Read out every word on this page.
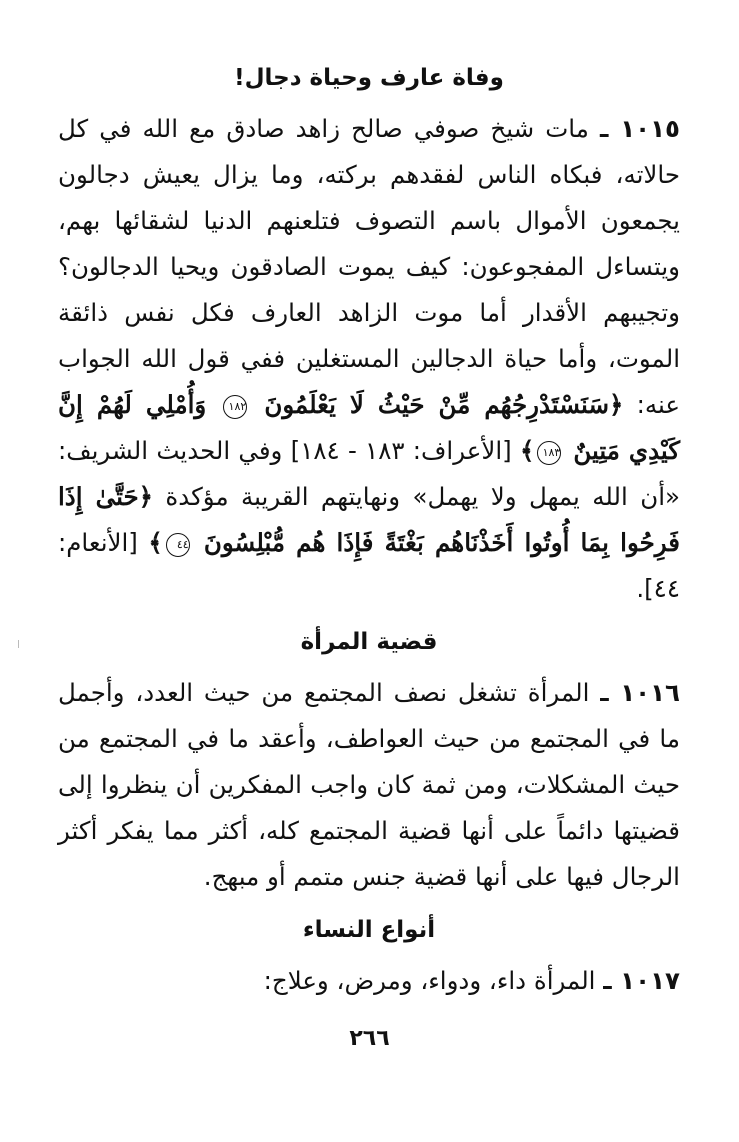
وفاة عارف وحياة دجال!

١٠١٥ ـ مات شيخ صوفي صالح زاهد صادق مع الله في كل حالاته، فبكاه الناس لفقدهم بركته، وما يزال يعيش دجالون يجمعون الأموال باسم التصوف فتلعنهم الدنيا لشقائها بهم، ويتساءل المفجوعون: كيف يموت الصادقون ويحيا الدجالون؟ وتجيبهم الأقدار أما موت الزاهد العارف فكل نفس ذائقة الموت، وأما حياة الدجالين المستغلين ففي قول الله الجواب عنه: ﴿سَنَسْتَدْرِجُهُم مِّنْ حَيْثُ لَا يَعْلَمُونَ ١٨٢ وَأُمْلِي لَهُمْ إِنَّ كَيْدِي مَتِينٌ ١٨٣﴾ [الأعراف: ١٨٣ - ١٨٤] وفي الحديث الشريف: «أن الله يمهل ولا يهمل» ونهايتهم القريبة مؤكدة ﴿حَتَّىٰ إِذَا فَرِحُوا بِمَا أُوتُوا أَخَذْنَاهُم بَغْتَةً فَإِذَا هُم مُّبْلِسُونَ ٤٤﴾ [الأنعام: ٤٤].

قضية المرأة

١٠١٦ ـ المرأة تشغل نصف المجتمع من حيث العدد، وأجمل ما في المجتمع من حيث العواطف، وأعقد ما في المجتمع من حيث المشكلات، ومن ثمة كان واجب المفكرين أن ينظروا إلى قضيتها دائماً على أنها قضية المجتمع كله، أكثر مما يفكر أكثر الرجال فيها على أنها قضية جنس متمم أو مبهج.

أنواع النساء

١٠١٧ ـ المرأة داء، ودواء، ومرض، وعلاج:

٢٦٦
